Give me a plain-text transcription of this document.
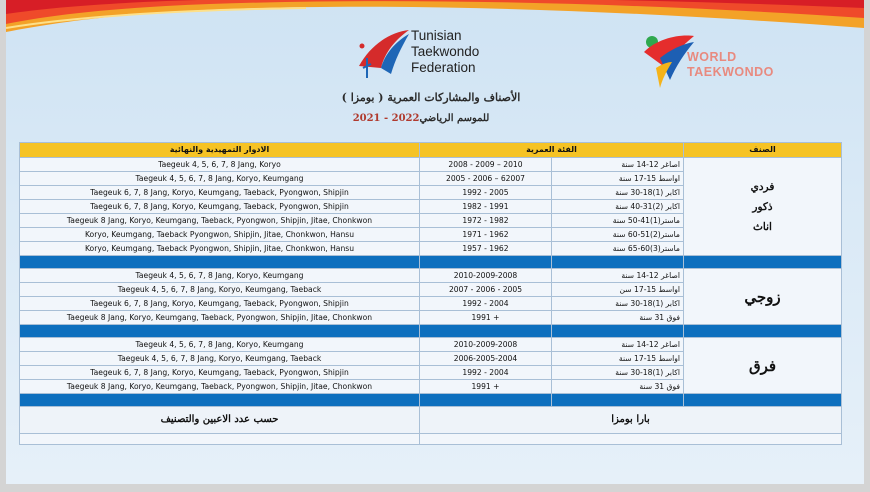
Tunisian
Taekwondo
Federation
WORLD
TAEKWONDO
الأصناف والمشاركات العمرية ( بومزا )
للموسم الرياضي2021 - 2022
الادوار التمهيدية والنهائية	الفئة العمرية		الصنف
Taegeuk 4, 5, 6, 7, 8 Jang, Koryo	2008 - 2009 – 2010	اصاغر 12-14 سنة	فردي
ذكور
اناث

Taegeuk 4, 5, 6, 7, 8 Jang, Koryo, Keumgang	2005 - 2006 – 62007	اواسط 15-17 سنة	
Taegeuk 6, 7, 8 Jang, Koryo, Keumgang, Taeback, Pyongwon, Shipjin	1992 - 2005	اكابر (1)18-30 سنة	
Taegeuk 6, 7, 8 Jang, Koryo, Keumgang, Taeback, Pyongwon, Shipjin	1982 - 1991	اكابر (2)31-40 سنة	
Taegeuk 8 Jang, Koryo, Keumgang, Taeback, Pyongwon, Shipjin, Jitae, Chonkwon	1972 - 1982	ماستر(1)41-50 سنة	
Koryo, Keumgang, Taeback Pyongwon, Shipjin, Jitae, Chonkwon, Hansu	1971 - 1962	ماستر(2)51-60 سنة	
Koryo, Keumgang, Taeback Pyongwon, Shipjin, Jitae, Chonkwon, Hansu	1957 - 1962	ماستر(3)60-65 سنة	

Taegeuk 4, 5, 6, 7, 8 Jang, Koryo, Keumgang	2010-2009-2008	اصاغر 12-14 سنة	زوجي

Taegeuk 4, 5, 6, 7, 8 Jang, Koryo, Keumgang, Taeback	2007 - 2006 - 2005	اواسط 15-17 سن	
Taegeuk 6, 7, 8 Jang, Koryo, Keumgang, Taeback, Pyongwon, Shipjin	1992 - 2004	اكابر (1)18-30 سنة	
Taegeuk 8 Jang, Koryo, Keumgang, Taeback, Pyongwon, Shipjin, Jitae, Chonkwon	1991 +	فوق 31 سنة	

Taegeuk 4, 5, 6, 7, 8 Jang, Koryo, Keumgang	2010-2009-2008	اصاغر 12-14 سنة	فرق

Taegeuk 4, 5, 6, 7, 8 Jang, Koryo, Keumgang, Taeback	2006-2005-2004	اواسط 15-17 سنة	
Taegeuk 6, 7, 8 Jang, Koryo, Keumgang, Taeback, Pyongwon, Shipjin	1992 - 2004	اكابر (1)18-30 سنة	
Taegeuk 8 Jang, Koryo, Keumgang, Taeback, Pyongwon, Shipjin, Jitae, Chonkwon	1991 +	فوق 31 سنة	

حسب عدد الاعبين والتصنيف	بارا بومزا		
